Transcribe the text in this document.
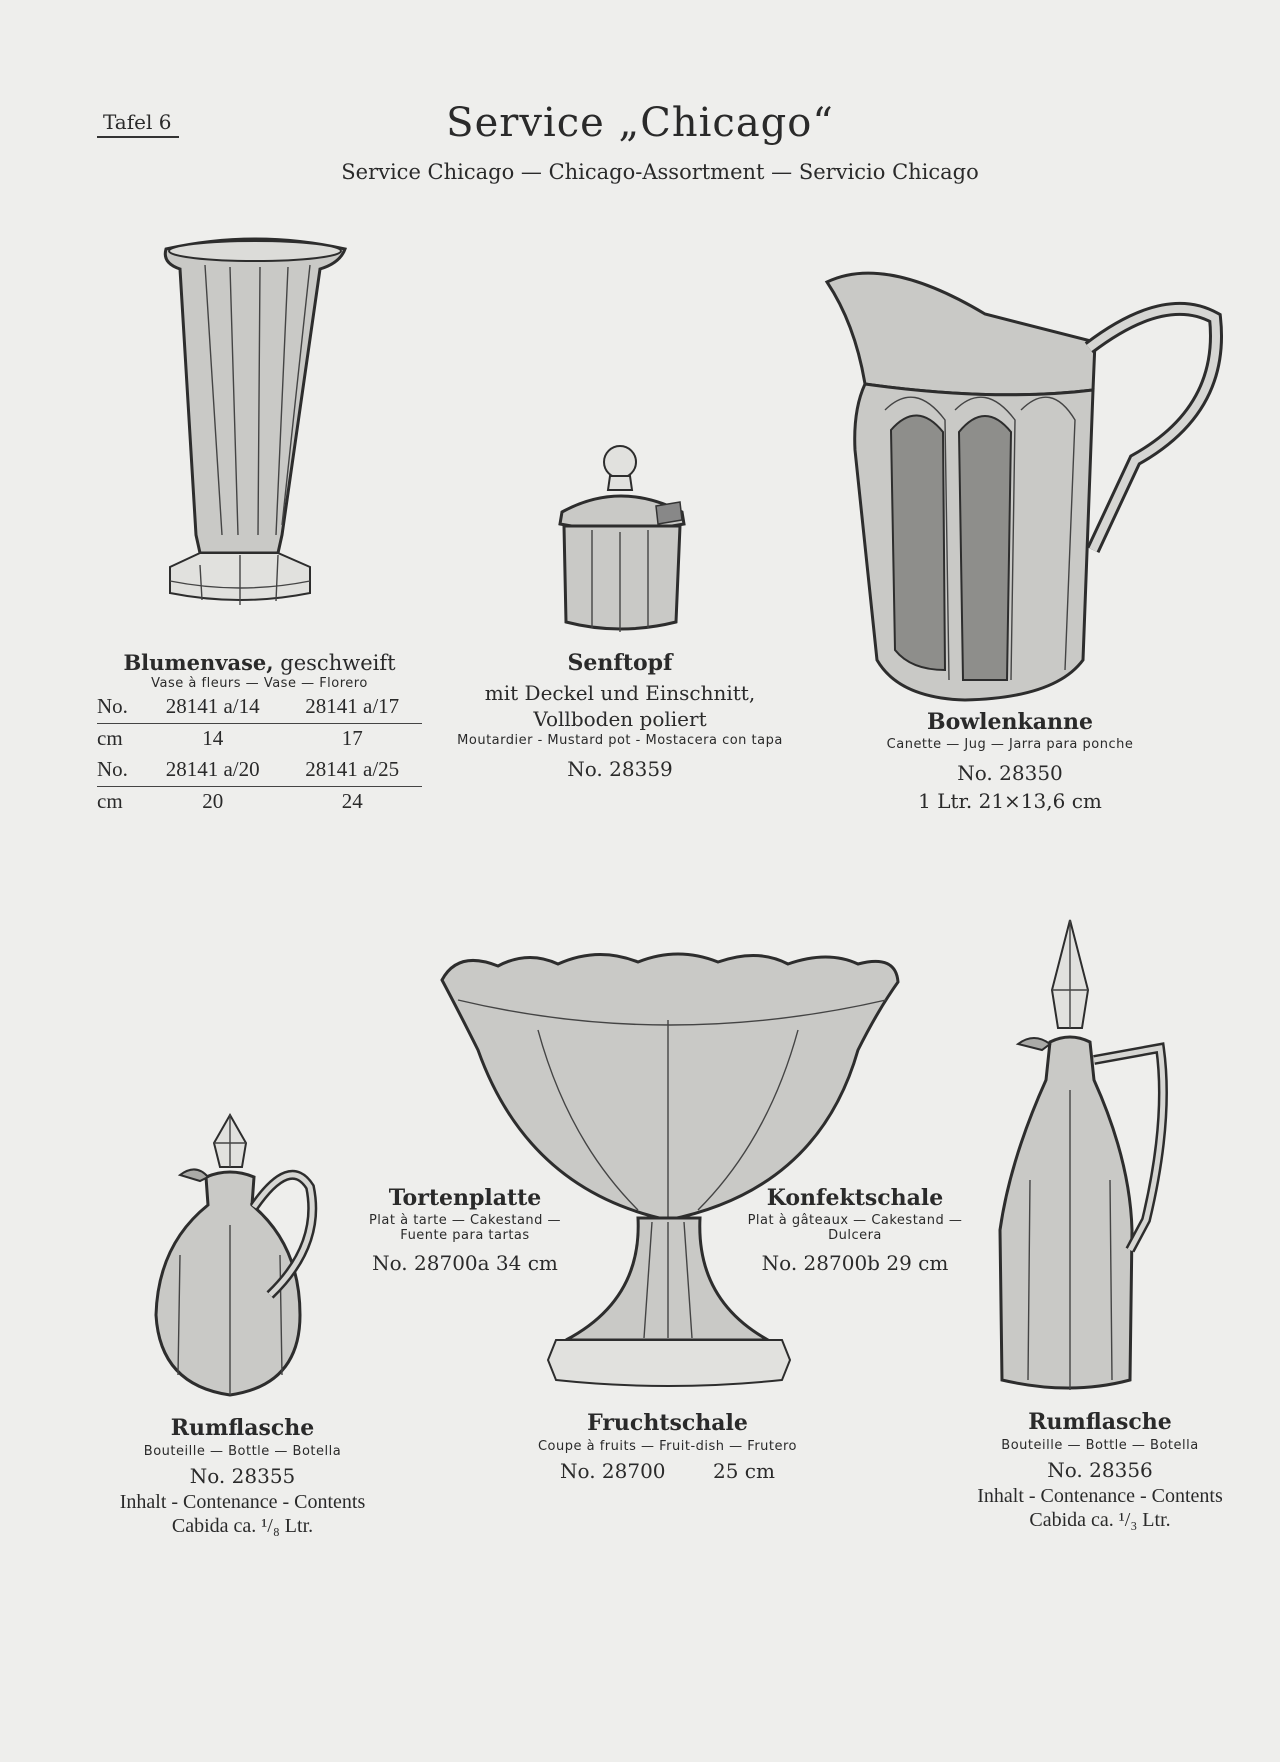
Tafel 6	Service „Chicago“
Service Chicago — Chicago-Assortment — Servicio Chicago
Blumenvase, geschweift
Vase à fleurs — Vase — Florero
No.	28141 a/14	28141 a/17
cm	14	17
No.	28141 a/20	28141 a/25
cm	20	24
Senftopf
mit Deckel und Einschnitt,
Vollboden poliert
Moutardier - Mustard pot - Mostacera con tapa
No. 28359
Bowlenkanne
Canette — Jug — Jarra para ponche
No. 28350
1 Ltr. 21×13,6 cm
Tortenplatte
Plat à tarte — Cakestand —
Fuente para tartas
No. 28700a 34 cm
Konfektschale
Plat à gâteaux — Cakestand —
Dulcera
No. 28700b 29 cm
Fruchtschale
Coupe à fruits — Fruit-dish — Frutero
No. 28700 25 cm
Rumflasche
Bouteille — Bottle — Botella
No. 28355
Inhalt - Contenance - Contents
Cabida ca. ¹/₈ Ltr.
Rumflasche
Bouteille — Bottle — Botella
No. 28356
Inhalt - Contenance - Contents
Cabida ca. ¹/₃ Ltr.
